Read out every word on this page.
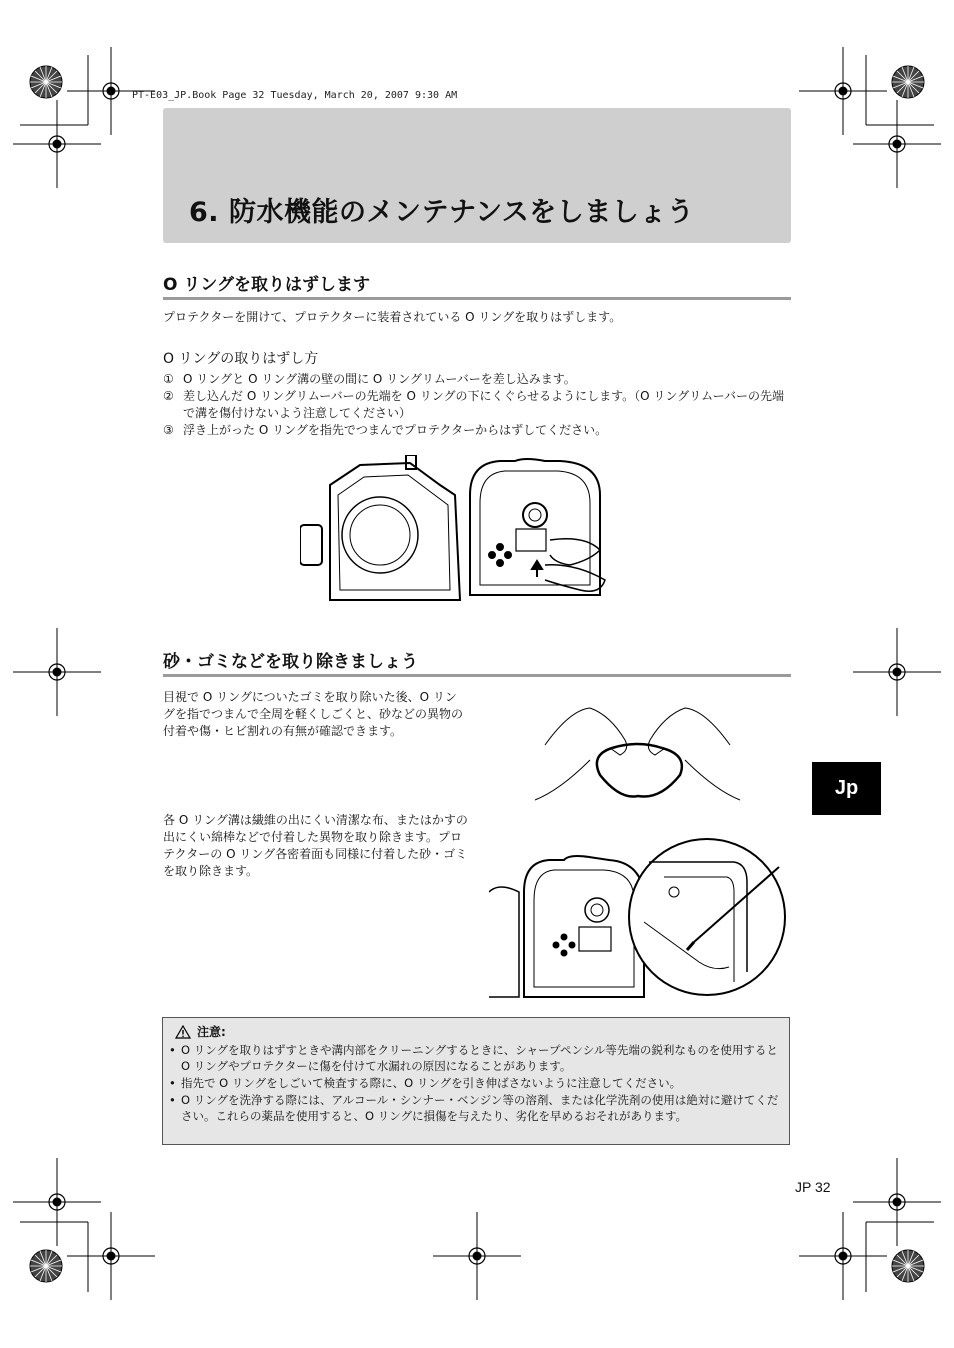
PT-E03_JP.Book Page 32 Tuesday, March 20, 2007 9:30 AM
6. 防水機能のメンテナンスをしましょう
O リングを取りはずします
プロテクターを開けて、プロテクターに装着されている O リングを取りはずします。
O リングの取りはずし方
① O リングと O リング溝の壁の間に O リングリムーバーを差し込みます。
② 差し込んだ O リングリムーバーの先端を O リングの下にくぐらせるようにします。（O リングリムーバーの先端で溝を傷付けないよう注意してください）
③ 浮き上がった O リングを指先でつまんでプロテクターからはずしてください。
砂・ゴミなどを取り除きましょう
目視で O リングについたゴミを取り除いた後、O リングを指でつまんで全周を軽くしごくと、砂などの異物の付着や傷・ヒビ割れの有無が確認できます。
各 O リング溝は繊維の出にくい清潔な布、またはかすの出にくい綿棒などで付着した異物を取り除きます。プロテクターの O リング各密着面も同様に付着した砂・ゴミを取り除きます。
注意:
• O リングを取りはずすときや溝内部をクリーニングするときに、シャープペンシル等先端の鋭利なものを使用すると O リングやプロテクターに傷を付けて水漏れの原因になることがあります。
• 指先で O リングをしごいて検査する際に、O リングを引き伸ばさないように注意してください。
• O リングを洗浄する際には、アルコール・シンナー・ベンジン等の溶剤、または化学洗剤の使用は絶対に避けてください。これらの薬品を使用すると、O リングに損傷を与えたり、劣化を早めるおそれがあります。
Jp
JP 32
